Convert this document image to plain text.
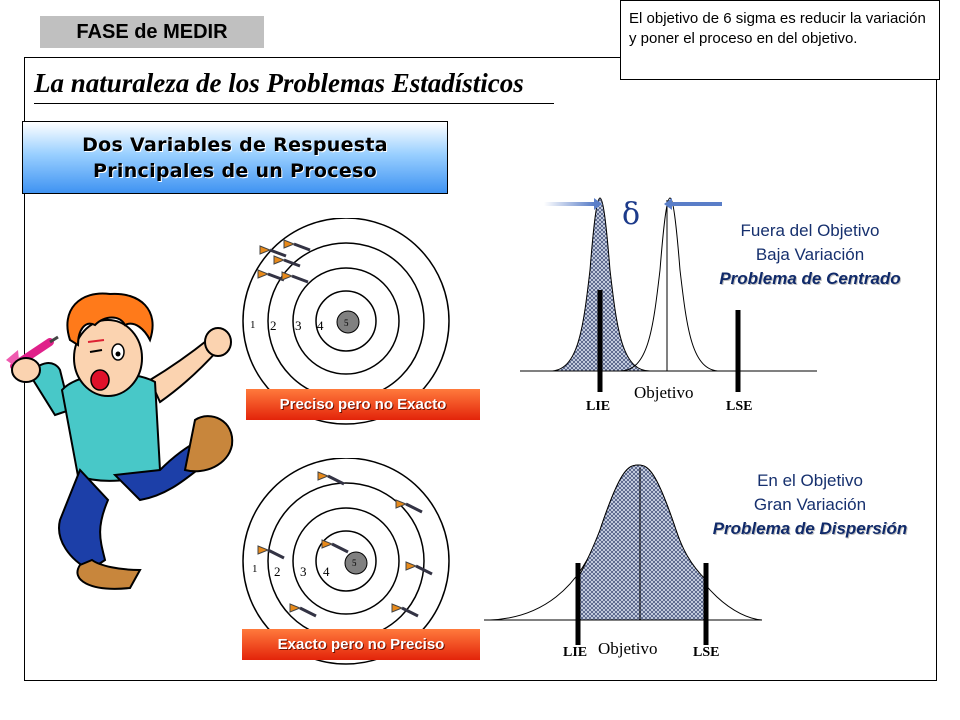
FASE de MEDIR
La naturaleza de los Problemas Estadísticos
El objetivo de 6 sigma es reducir la variación y poner el proceso en del objetivo.
Dos Variables de Respuesta
Principales de un Proceso
1 2 3 4 5
Preciso pero no Exacto
1 2 3 4
5
Exacto pero no Preciso
δ
LIE	LSE
Objetivo
Fuera del Objetivo
Baja Variación
Problema de Centrado
LIE	LSE
Objetivo
En el Objetivo
Gran Variación
Problema de Dispersión
